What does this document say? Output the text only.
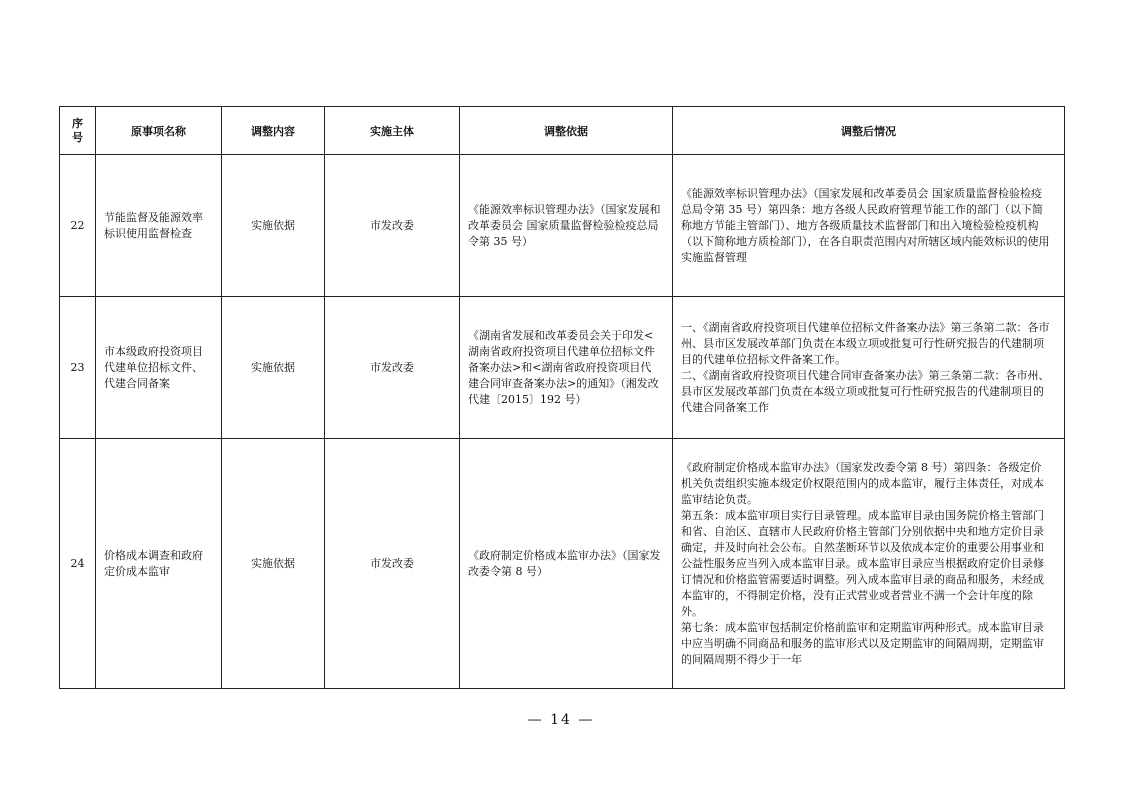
序号	原事项名称	调整内容	实施主体	调整依据	调整后情况
22	节能监督及能源效率标识使用监督检查	实施依据	市发改委	《能源效率标识管理办法》（国家发展和改革委员会 国家质量监督检验检疫总局令第 35 号）	《能源效率标识管理办法》（国家发展和改革委员会 国家质量监督检验检疫总局令第 35 号）第四条：地方各级人民政府管理节能工作的部门（以下简称地方节能主管部门）、地方各级质量技术监督部门和出入境检验检疫机构（以下简称地方质检部门），在各自职责范围内对所辖区域内能效标识的使用实施监督管理

23	市本级政府投资项目代建单位招标文件、代建合同备案	实施依据	市发改委	《湖南省发展和改革委员会关于印发<湖南省政府投资项目代建单位招标文件备案办法>和<湖南省政府投资项目代建合同审查备案办法>的通知》（湘发改代建〔2015〕192 号）	一、《湖南省政府投资项目代建单位招标文件备案办法》第三条第二款：各市州、县市区发展改革部门负责在本级立项或批复可行性研究报告的代建制项目的代建单位招标文件备案工作。
二、《湖南省政府投资项目代建合同审查备案办法》第三条第二款：各市州、县市区发展改革部门负责在本级立项或批复可行性研究报告的代建制项目的代建合同备案工作

24	价格成本调查和政府定价成本监审	实施依据	市发改委	《政府制定价格成本监审办法》（国家发改委令第 8 号）	《政府制定价格成本监审办法》（国家发改委令第 8 号）第四条：各级定价机关负责组织实施本级定价权限范围内的成本监审，履行主体责任，对成本监审结论负责。
第五条：成本监审项目实行目录管理。成本监审目录由国务院价格主管部门和省、自治区、直辖市人民政府价格主管部门分别依据中央和地方定价目录确定，并及时向社会公布。自然垄断环节以及依成本定价的重要公用事业和公益性服务应当列入成本监审目录。成本监审目录应当根据政府定价目录修订情况和价格监管需要适时调整。列入成本监审目录的商品和服务，未经成本监审的，不得制定价格，没有正式营业或者营业不满一个会计年度的除外。
第七条：成本监审包括制定价格前监审和定期监审两种形式。成本监审目录中应当明确不同商品和服务的监审形式以及定期监审的间隔周期，定期监审的间隔周期不得少于一年
— 14 —
